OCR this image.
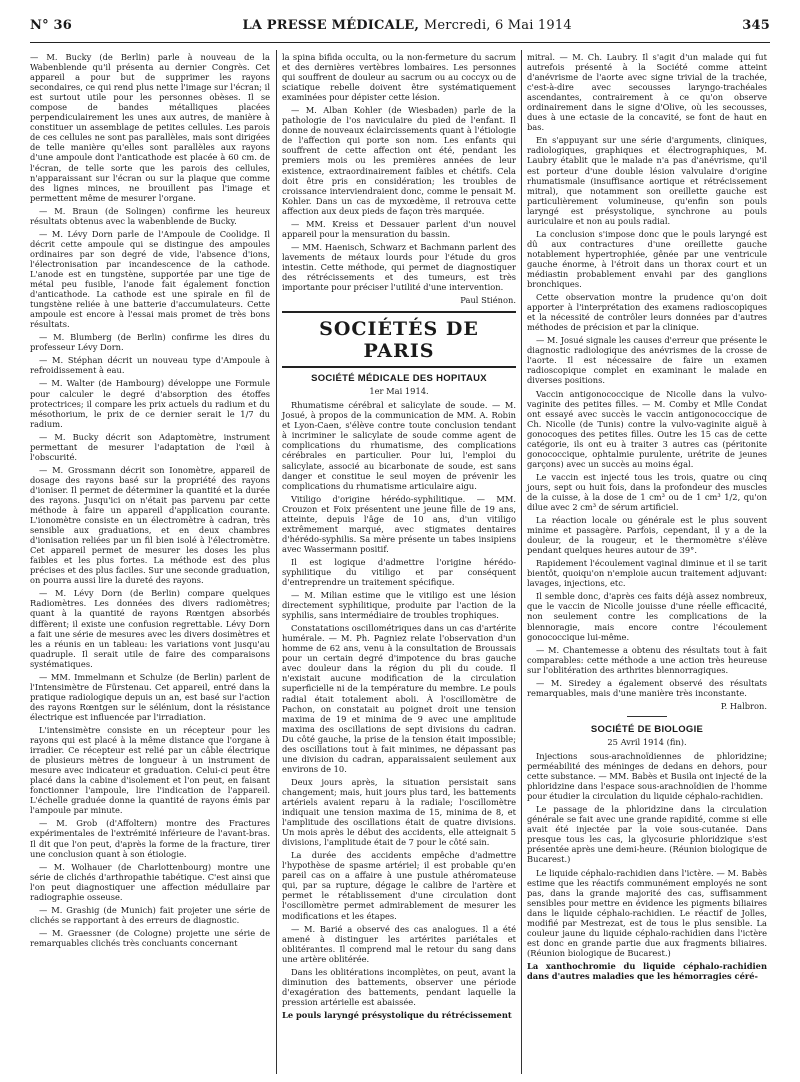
N° 36	LA PRESSE MÉDICALE, Mercredi, 6 Mai 1914	345

— M. Bucky (de Berlin) parle à nouveau de la Wabenblende qu'il présenta au dernier Congrès. Cet appareil a pour but de supprimer les rayons secondaires, ce qui rend plus nette l'image sur l'écran; il est surtout utile pour les personnes obèses. Il se compose de bandes métalliques placées perpendiculairement les unes aux autres, de manière à constituer un assemblage de petites cellules. Les parois de ces cellules ne sont pas parallèles, mais sont dirigées de telle manière qu'elles sont parallèles aux rayons d'une ampoule dont l'anticathode est placée à 60 cm. de l'écran, de telle sorte que les parois des cellules, n'apparaissant sur l'écran ou sur la plaque que comme des lignes minces, ne brouillent pas l'image et permettent même de mesurer l'organe.

— M. Braun (de Solingen) confirme les heureux résultats obtenus avec la wabenblende de Bucky.

— M. Lévy Dorn parle de l'Ampoule de Coolidge. Il décrit cette ampoule qui se distingue des ampoules ordinaires par son degré de vide, l'absence d'ions, l'électronisation par incandescence de la cathode. L'anode est en tungstène, supportée par une tige de métal peu fusible, l'anode fait également fonction d'anticathode. La cathode est une spirale en fil de tungstène reliée à une batterie d'accumulateurs. Cette ampoule est encore à l'essai mais promet de très bons résultats.

— M. Blumberg (de Berlin) confirme les dires du professeur Lévy Dorn.

— M. Stéphan décrit un nouveau type d'Ampoule à refroidissement à eau.

— M. Walter (de Hambourg) développe une Formule pour calculer le degré d'absorption des étoffes protectrices; il compare les prix actuels du radium et du mésothorium, le prix de ce dernier serait le 1/7 du radium.

— M. Bucky décrit son Adaptomètre, instrument permettant de mesurer l'adaptation de l'œil à l'obscurité.

— M. Grossmann décrit son Ionomètre, appareil de dosage des rayons basé sur la propriété des rayons d'ioniser. Il permet de déterminer la quantité et la durée des rayons. Jusqu'ici on n'était pas parvenu par cette méthode à faire un appareil d'application courante. L'ionomètre consiste en un électromètre à cadran, très sensible aux graduations, et en deux chambres d'ionisation reliées par un fil bien isolé à l'électromètre. Cet appareil permet de mesurer les doses les plus faibles et les plus fortes. La méthode est des plus précises et des plus faciles. Sur une seconde graduation, on pourra aussi lire la dureté des rayons.

— M. Lévy Dorn (de Berlin) compare quelques Radiomètres. Les données des divers radiomètres; quant à la quantité de rayons Rœntgen absorbés diffèrent; il existe une confusion regrettable. Lévy Dorn a fait une série de mesures avec les divers dosimètres et les a réunis en un tableau: les variations vont jusqu'au quadruple. Il serait utile de faire des comparaisons systématiques.

— MM. Immelmann et Schulze (de Berlin) parlent de l'Intensimètre de Fürstenau. Cet appareil, entré dans la pratique radiologique depuis un an, est basé sur l'action des rayons Rœntgen sur le sélénium, dont la résistance électrique est influencée par l'irradiation.

L'intensimètre consiste en un récepteur pour les rayons qui est placé à la même distance que l'organe à irradier. Ce récepteur est relié par un câble électrique de plusieurs mètres de longueur à un instrument de mesure avec indicateur et graduation. Celui-ci peut être placé dans la cabine d'isolement et l'on peut, en faisant fonctionner l'ampoule, lire l'indication de l'appareil. L'échelle graduée donne la quantité de rayons émis par l'ampoule par minute.

— M. Grob (d'Affoltern) montre des Fractures expérimentales de l'extrémité inférieure de l'avant-bras. Il dit que l'on peut, d'après la forme de la fracture, tirer une conclusion quant à son étiologie.

— M. Wolhauer (de Charlottenbourg) montre une série de clichés d'arthropathie tabétique. C'est ainsi que l'on peut diagnostiquer une affection médullaire par radiographie osseuse.

— M. Grashig (de Munich) fait projeter une série de clichés se rapportant à des erreurs de diagnostic.

— M. Graessner (de Cologne) projette une série de remarquables clichés très concluants concernant

la spina bifida occulta, ou la non-fermeture du sacrum et des dernières vertèbres lombaires. Les personnes qui souffrent de douleur au sacrum ou au coccyx ou de sciatique rebelle doivent être systématiquement examinées pour dépister cette lésion.

— M. Alban Kohler (de Wiesbaden) parle de la pathologie de l'os naviculaire du pied de l'enfant. Il donne de nouveaux éclaircissements quant à l'étiologie de l'affection qui porte son nom. Les enfants qui souffrent de cette affection ont été, pendant les premiers mois ou les premières années de leur existence, extraordinairement faibles et chétifs. Cela doit être pris en considération; les troubles de croissance interviendraient donc, comme le pensait M. Kohler. Dans un cas de myxœdème, il retrouva cette affection aux deux pieds de façon très marquée.

— MM. Kreiss et Dessauer parlent d'un nouvel appareil pour la mensuration du bassin.

— MM. Haenisch, Schwarz et Bachmann parlent des lavements de métaux lourds pour l'étude du gros intestin. Cette méthode, qui permet de diagnostiquer des rétrécissements et des tumeurs, est très importante pour préciser l'utilité d'une intervention.

Paul Stiénon.

SOCIÉTÉS DE PARIS
SOCIÉTÉ MÉDICALE DES HOPITAUX
1er Mai 1914.

Rhumatisme cérébral et salicylate de soude. — M. Josué, à propos de la communication de MM. A. Robin et Lyon-Caen, s'élève contre toute conclusion tendant à incriminer le salicylate de soude comme agent de complications du rhumatisme, des complications cérébrales en particulier. Pour lui, l'emploi du salicylate, associé au bicarbonate de soude, est sans danger et constitue le seul moyen de prévenir les complications du rhumatisme articulaire aigu.

Vitiligo d'origine hérédo-syphilitique. — MM. Crouzon et Foix présentent une jeune fille de 19 ans, atteinte, depuis l'âge de 10 ans, d'un vitiligo extrêmement marqué, avec stigmates dentaires d'hérédo-syphilis. Sa mère présente un tabes insipiens avec Wassermann positif.

Il est logique d'admettre l'origine hérédo-syphilitique du vitiligo et par conséquent d'entreprendre un traitement spécifique.

— M. Milian estime que le vitiligo est une lésion directement syphilitique, produite par l'action de la syphilis, sans intermédiaire de troubles trophiques.

Constatations oscillométriques dans un cas d'artérite humérale. — M. Ph. Pagniez relate l'observation d'un homme de 62 ans, venu à la consultation de Broussais pour un certain degré d'impotence du bras gauche avec douleur dans la région du pli du coude. Il n'existait aucune modification de la circulation superficielle ni de la température du membre. Le pouls radial était totalement aboli. À l'oscillomètre de Pachon, on constatait au poignet droit une tension maxima de 19 et minima de 9 avec une amplitude maxima des oscillations de sept divisions du cadran. Du côté gauche, la prise de la tension était impossible; des oscillations tout à fait minimes, ne dépassant pas une division du cadran, apparaissaient seulement aux environs de 10.

Deux jours après, la situation persistait sans changement; mais, huit jours plus tard, les battements artériels avaient reparu à la radiale; l'oscillomètre indiquait une tension maxima de 15, minima de 8, et l'amplitude des oscillations était de quatre divisions. Un mois après le début des accidents, elle atteignait 5 divisions, l'amplitude était de 7 pour le côté sain.

La durée des accidents empêche d'admettre l'hypothèse de spasme artériel; il est probable qu'en pareil cas on a affaire à une pustule athéromateuse qui, par sa rupture, dégage le calibre de l'artère et permet le rétablissement d'une circulation dont l'oscillomètre permet admirablement de mesurer les modifications et les étapes.

— M. Barié a observé des cas analogues. Il a été amené à distinguer les artérites pariétales et oblitérantes. Il comprend mal le retour du sang dans une artère oblitérée.

Dans les oblitérations incomplètes, on peut, avant la diminution des battements, observer une période d'exagération des battements, pendant laquelle la pression artérielle est abaissée.

Le pouls laryngé présystolique du rétrécissement

mitral. — M. Ch. Laubry. Il s'agit d'un malade qui fut autrefois présenté à la Société comme atteint d'anévrisme de l'aorte avec signe trivial de la trachée, c'est-à-dire avec secousses laryngo-trachéales ascendantes, contrairement à ce qu'on observe ordinairement dans le signe d'Olive, où les secousses, dues à une ectasie de la concavité, se font de haut en bas.

En s'appuyant sur une série d'arguments, cliniques, radiologiques, graphiques et électrographiques, M. Laubry établit que le malade n'a pas d'anévrisme, qu'il est porteur d'une double lésion valvulaire d'origine rhumatismale (insuffisance aortique et rétrécissement mitral), que notamment son oreillette gauche est particulièrement volumineuse, qu'enfin son pouls laryngé est présystolique, synchrone au pouls auriculaire et non au pouls radial.

La conclusion s'impose donc que le pouls laryngé est dû aux contractures d'une oreillette gauche notablement hypertrophiée, gênée par une ventricule gauche énorme, à l'étroit dans un thorax court et un médiastin probablement envahi par des ganglions bronchiques.

Cette observation montre la prudence qu'on doit apporter à l'interprétation des examens radioscopiques et la nécessité de contrôler leurs données par d'autres méthodes de précision et par la clinique.

— M. Josué signale les causes d'erreur que présente le diagnostic radiologique des anévrismes de la crosse de l'aorte. Il est nécessaire de faire un examen radioscopique complet en examinant le malade en diverses positions.

Vaccin antigonococcique de Nicolle dans la vulvo-vaginite des petites filles. — M. Comby et Mlle Condat ont essayé avec succès le vaccin antigonococcique de Ch. Nicolle (de Tunis) contre la vulvo-vaginite aiguë à gonocoques des petites filles. Outre les 15 cas de cette catégorie, ils ont eu à traiter 3 autres cas (péritonite gonococcique, ophtalmie purulente, urétrite de jeunes garçons) avec un succès au moins égal.

Le vaccin est injecté tous les trois, quatre ou cinq jours, sept ou huit fois, dans la profondeur des muscles de la cuisse, à la dose de 1 cm³ ou de 1 cm³ 1/2, qu'on dilue avec 2 cm³ de sérum artificiel.

La réaction locale ou générale est le plus souvent minime et passagère. Parfois, cependant, il y a de la douleur, de la rougeur, et le thermomètre s'élève pendant quelques heures autour de 39°.

Rapidement l'écoulement vaginal diminue et il se tarit bientôt, quoiqu'on n'emploie aucun traitement adjuvant: lavages, injections, etc.

Il semble donc, d'après ces faits déjà assez nombreux, que le vaccin de Nicolle jouisse d'une réelle efficacité, non seulement contre les complications de la blennoragie, mais encore contre l'écoulement gonococcique lui-même.

— M. Chantemesse a obtenu des résultats tout à fait comparables: cette méthode a une action très heureuse sur l'oblitération des arthrites blennorragiques.

— M. Siredey a également observé des résultats remarquables, mais d'une manière très inconstante.

P. Halbron.

SOCIÉTÉ DE BIOLOGIE
25 Avril 1914 (fin).

Injections sous-arachnoïdiennes de phloridzine; perméabilité des méninges de dedans en dehors, pour cette substance. — MM. Babès et Busila ont injecté de la phloridzine dans l'espace sous-arachnoïdien de l'homme pour étudier la circulation du liquide céphalo-rachidien.

Le passage de la phloridzine dans la circulation générale se fait avec une grande rapidité, comme si elle avait été injectée par la voie sous-cutanée. Dans presque tous les cas, la glycosurie phloridzique s'est présentée après une demi-heure. (Réunion biologique de Bucarest.)

Le liquide céphalo-rachidien dans l'ictère. — M. Babès estime que les réactifs communément employés ne sont pas, dans la grande majorité des cas, suffisamment sensibles pour mettre en évidence les pigments biliaires dans le liquide céphalo-rachidien. Le réactif de Jolles, modifié par Mestrezat, est de tous le plus sensible. La couleur jaune du liquide céphalo-rachidien dans l'ictère est donc en grande partie due aux fragments biliaires. (Réunion biologique de Bucarest.)

La xanthochromie du liquide céphalo-rachidien dans d'autres maladies que les hémorragies céré-
